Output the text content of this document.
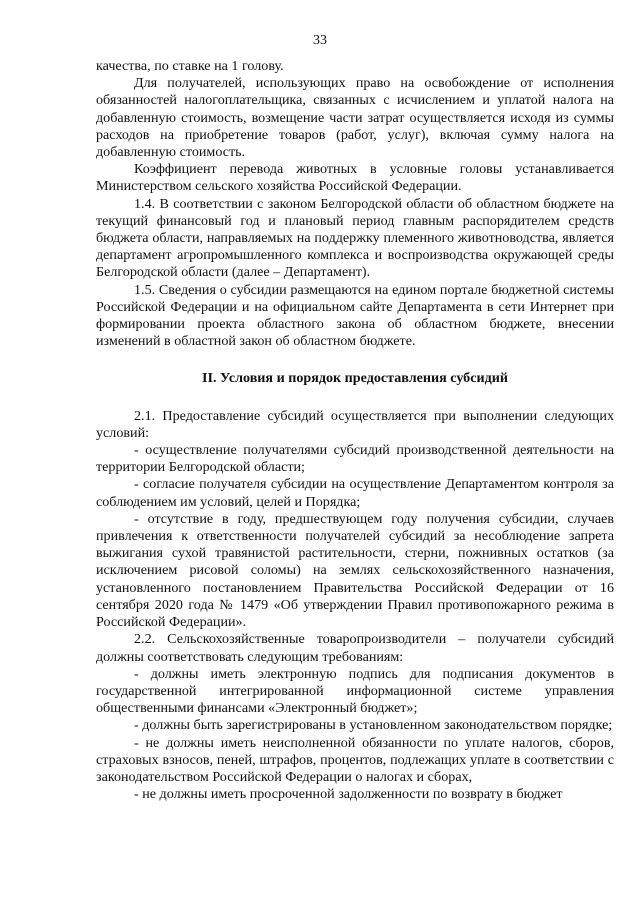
33

качества, по ставке на 1 голову.

Для получателей, использующих право на освобождение от исполнения обязанностей налогоплательщика, связанных с исчислением и уплатой налога на добавленную стоимость, возмещение части затрат осуществляется исходя из суммы расходов на приобретение товаров (работ, услуг), включая сумму налога на добавленную стоимость.

Коэффициент перевода животных в условные головы устанавливается Министерством сельского хозяйства Российской Федерации.

1.4. В соответствии с законом Белгородской области об областном бюджете на текущий финансовый год и плановый период главным распорядителем средств бюджета области, направляемых на поддержку племенного животноводства, является департамент агропромышленного комплекса и воспроизводства окружающей среды Белгородской области (далее – Департамент).

1.5. Сведения о субсидии размещаются на едином портале бюджетной системы Российской Федерации и на официальном сайте Департамента в сети Интернет при формировании проекта областного закона об областном бюджете, внесении изменений в областной закон об областном бюджете.

II. Условия и порядок предоставления субсидий

2.1. Предоставление субсидий осуществляется при выполнении следующих условий:

- осуществление получателями субсидий производственной деятельности на территории Белгородской области;

- согласие получателя субсидии на осуществление Департаментом контроля за соблюдением им условий, целей и Порядка;

- отсутствие в году, предшествующем году получения субсидии, случаев привлечения к ответственности получателей субсидий за несоблюдение запрета выжигания сухой травянистой растительности, стерни, пожнивных остатков (за исключением рисовой соломы) на землях сельскохозяйственного назначения, установленного постановлением Правительства Российской Федерации от 16 сентября 2020 года № 1479 «Об утверждении Правил противопожарного режима в Российской Федерации».

2.2. Сельскохозяйственные товаропроизводители – получатели субсидий должны соответствовать следующим требованиям:

- должны иметь электронную подпись для подписания документов в государственной интегрированной информационной системе управления общественными финансами «Электронный бюджет»;

- должны быть зарегистрированы в установленном законодательством порядке;

- не должны иметь неисполненной обязанности по уплате налогов, сборов, страховых взносов, пеней, штрафов, процентов, подлежащих уплате в соответствии с законодательством Российской Федерации о налогах и сборах,

- не должны иметь просроченной задолженности по возврату в бюджет
